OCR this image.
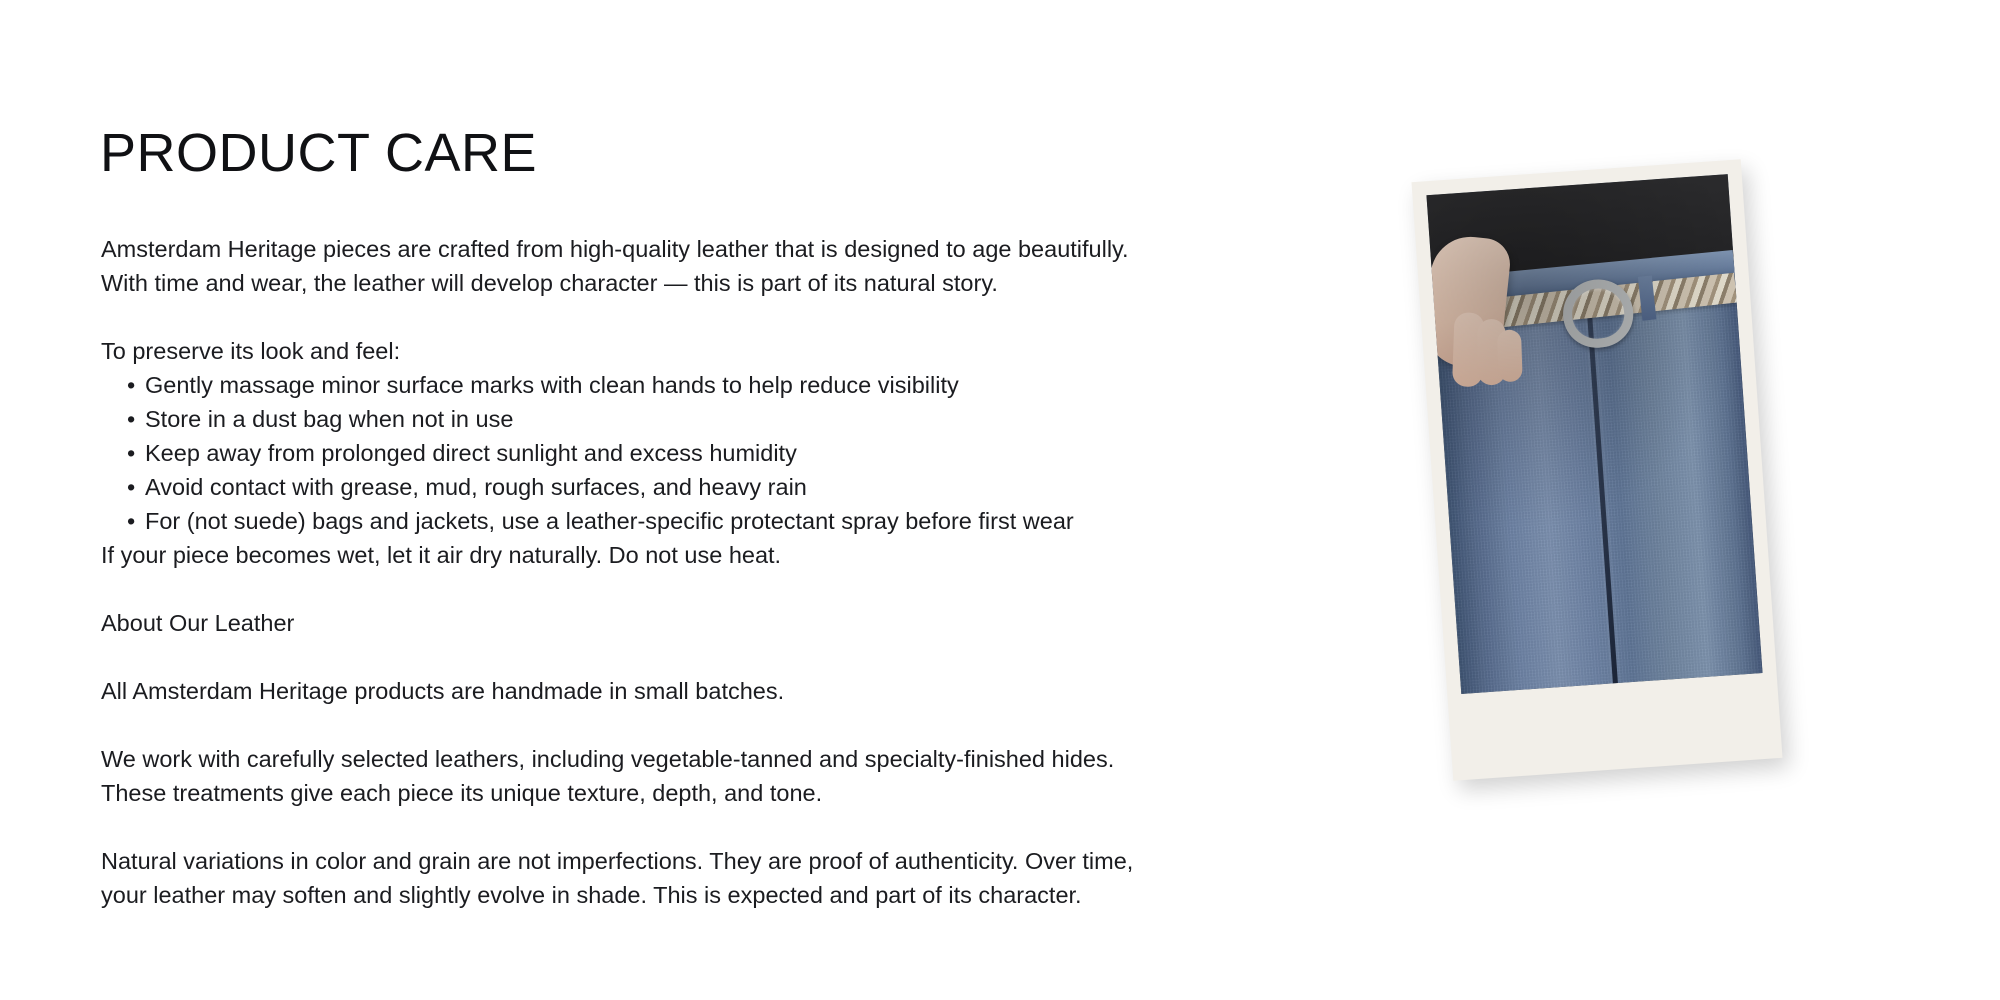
PRODUCT CARE

Amsterdam Heritage pieces are crafted from high-quality leather that is designed to age beautifully.
With time and wear, the leather will develop character — this is part of its natural story.

To preserve its look and feel:

• Gently massage minor surface marks with clean hands to help reduce visibility
• Store in a dust bag when not in use
• Keep away from prolonged direct sunlight and excess humidity
• Avoid contact with grease, mud, rough surfaces, and heavy rain
• For (not suede) bags and jackets, use a leather-specific protectant spray before first wear

If your piece becomes wet, let it air dry naturally. Do not use heat.

About Our Leather

All Amsterdam Heritage products are handmade in small batches.

We work with carefully selected leathers, including vegetable-tanned and specialty-finished hides.
These treatments give each piece its unique texture, depth, and tone.

Natural variations in color and grain are not imperfections. They are proof of authenticity. Over time,
your leather may soften and slightly evolve in shade. This is expected and part of its character.
